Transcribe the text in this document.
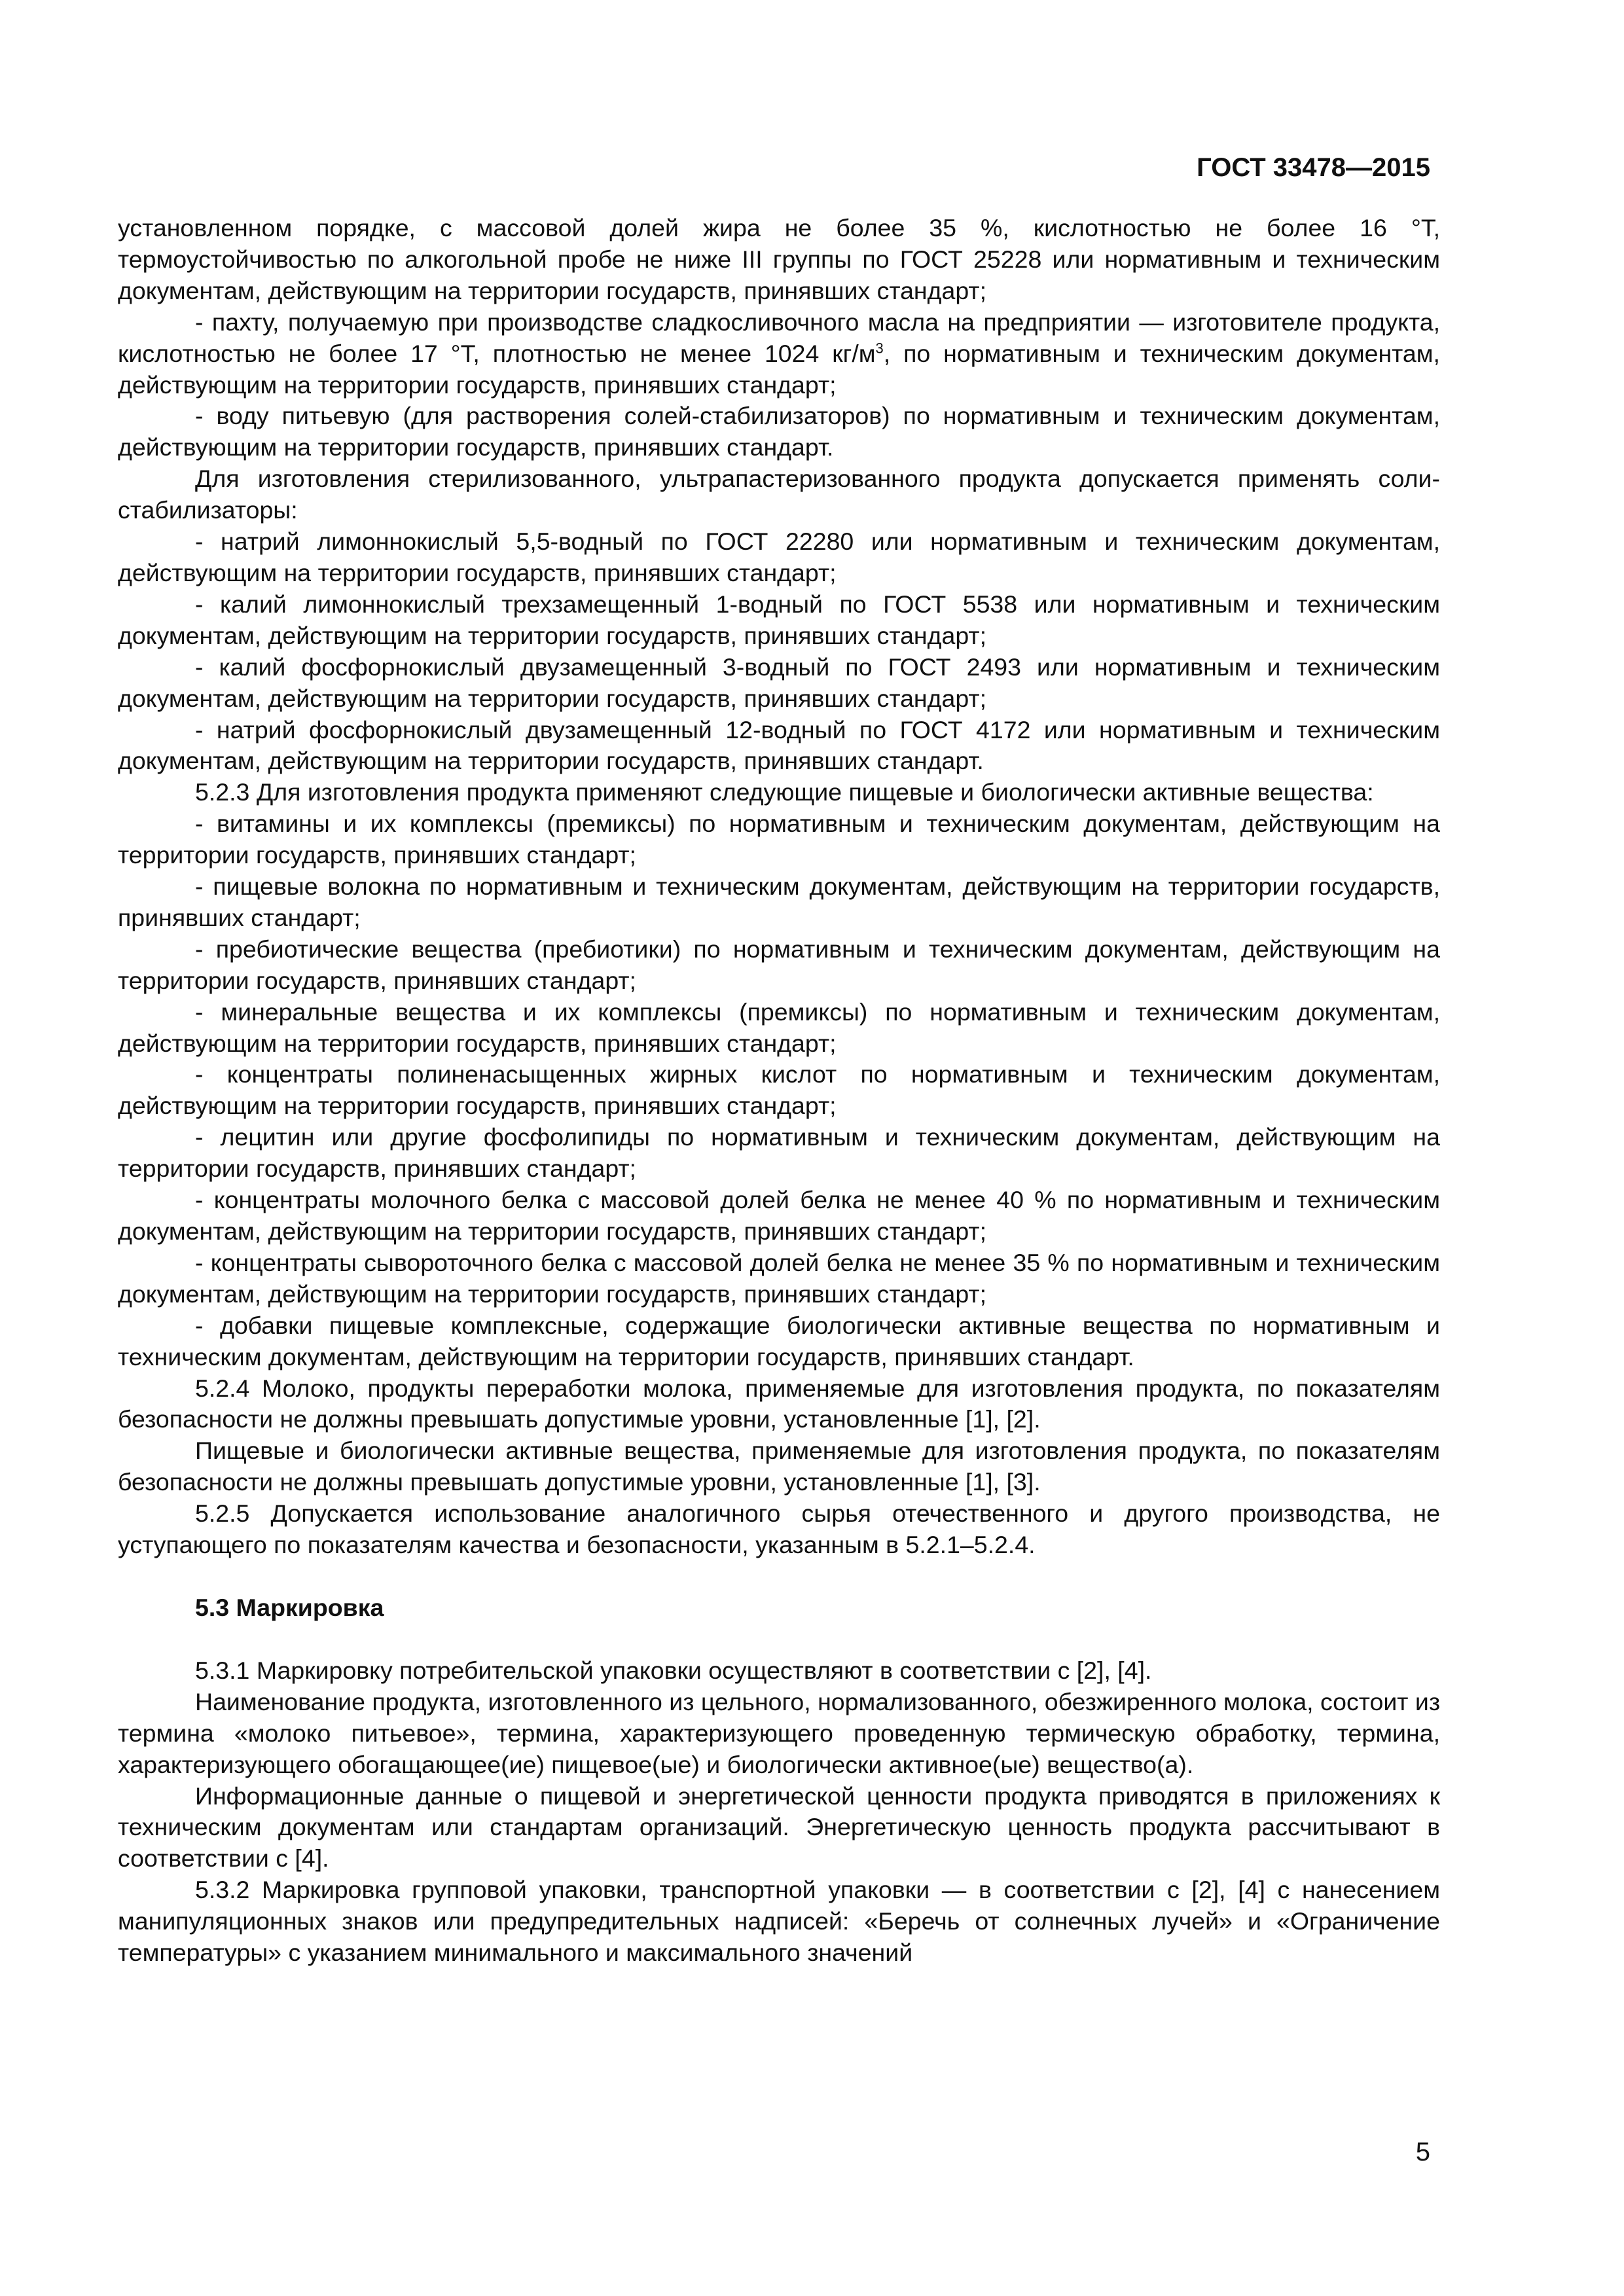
ГОСТ 33478—2015

установленном порядке, с массовой долей жира не более 35 %, кислотностью не более 16 °Т, термоустойчивостью по алкогольной пробе не ниже III группы по ГОСТ 25228 или нормативным и техническим документам, действующим на территории государств, принявших стандарт;

- пахту, получаемую при производстве сладкосливочного масла на предприятии — изготовителе продукта, кислотностью не более 17 °Т, плотностью не менее 1024 $кг/м^3$, по нормативным и техническим документам, действующим на территории государств, принявших стандарт;

- воду питьевую (для растворения солей-стабилизаторов) по нормативным и техническим документам, действующим на территории государств, принявших стандарт.

Для изготовления стерилизованного, ультрапастеризованного продукта допускается применять соли-стабилизаторы:

- натрий лимоннокислый 5,5-водный по ГОСТ 22280 или нормативным и техническим документам, действующим на территории государств, принявших стандарт;

- калий лимоннокислый трехзамещенный 1-водный по ГОСТ 5538 или нормативным и техническим документам, действующим на территории государств, принявших стандарт;

- калий фосфорнокислый двузамещенный 3-водный по ГОСТ 2493 или нормативным и техническим документам, действующим на территории государств, принявших стандарт;

- натрий фосфорнокислый двузамещенный 12-водный по ГОСТ 4172 или нормативным и техническим документам, действующим на территории государств, принявших стандарт.

5.2.3 Для изготовления продукта применяют следующие пищевые и биологически активные вещества:

- витамины и их комплексы (премиксы) по нормативным и техническим документам, действующим на территории государств, принявших стандарт;

- пищевые волокна по нормативным и техническим документам, действующим на территории государств, принявших стандарт;

- пребиотические вещества (пребиотики) по нормативным и техническим документам, действующим на территории государств, принявших стандарт;

- минеральные вещества и их комплексы (премиксы) по нормативным и техническим документам, действующим на территории государств, принявших стандарт;

- концентраты полиненасыщенных жирных кислот по нормативным и техническим документам, действующим на территории государств, принявших стандарт;

- лецитин или другие фосфолипиды по нормативным и техническим документам, действующим на территории государств, принявших стандарт;

- концентраты молочного белка с массовой долей белка не менее 40 % по нормативным и техническим документам, действующим на территории государств, принявших стандарт;

- концентраты сывороточного белка с массовой долей белка не менее 35 % по нормативным и техническим документам, действующим на территории государств, принявших стандарт;

- добавки пищевые комплексные, содержащие биологически активные вещества по нормативным и техническим документам, действующим на территории государств, принявших стандарт.

5.2.4 Молоко, продукты переработки молока, применяемые для изготовления продукта, по показателям безопасности не должны превышать допустимые уровни, установленные [1], [2].

Пищевые и биологически активные вещества, применяемые для изготовления продукта, по показателям безопасности не должны превышать допустимые уровни, установленные [1], [3].

5.2.5 Допускается использование аналогичного сырья отечественного и другого производства, не уступающего по показателям качества и безопасности, указанным в 5.2.1–5.2.4.

5.3 Маркировка

5.3.1 Маркировку потребительской упаковки осуществляют в соответствии с [2], [4].

Наименование продукта, изготовленного из цельного, нормализованного, обезжиренного молока, состоит из термина «молоко питьевое», термина, характеризующего проведенную термическую обработку, термина, характеризующего обогащающее(ие) пищевое(ые) и биологически активное(ые) вещество(а).

Информационные данные о пищевой и энергетической ценности продукта приводятся в приложениях к техническим документам или стандартам организаций. Энергетическую ценность продукта рассчитывают в соответствии с [4].

5.3.2 Маркировка групповой упаковки, транспортной упаковки — в соответствии с [2], [4] с нанесением манипуляционных знаков или предупредительных надписей: «Беречь от солнечных лучей» и «Ограничение температуры» с указанием минимального и максимального значений

5
